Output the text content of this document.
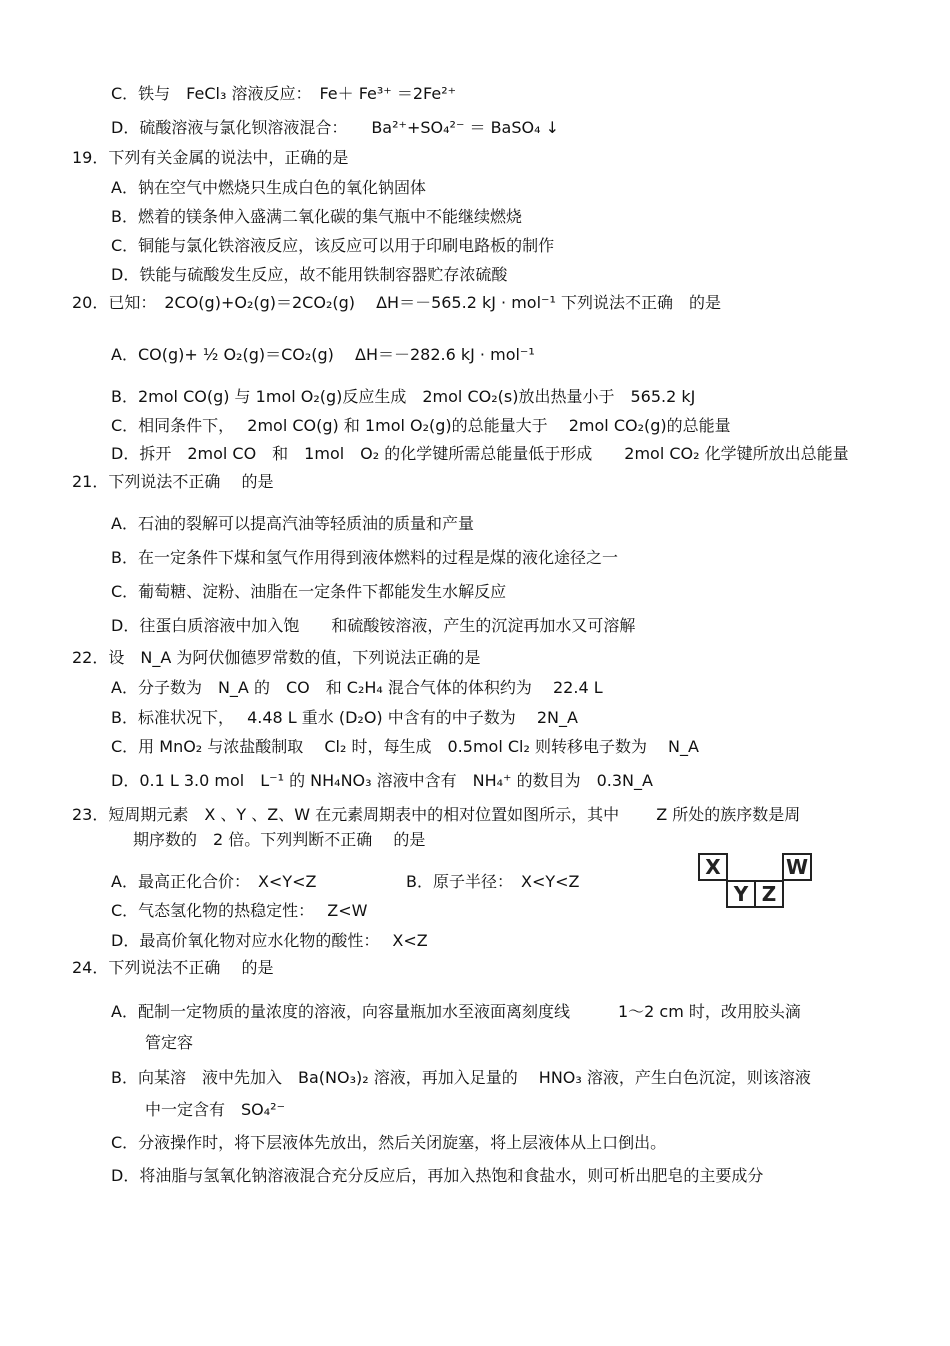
C．铁与　FeCl₃ 溶液反应：　Fe＋ Fe³⁺ ＝2Fe²⁺
D．硫酸溶液与氯化钡溶液混合：　　Ba²⁺+SO₄²⁻ ＝ BaSO₄ ↓
19．下列有关金属的说法中，正确的是
A．钠在空气中燃烧只生成白色的氧化钠固体
B．燃着的镁条伸入盛满二氧化碳的集气瓶中不能继续燃烧
C．铜能与氯化铁溶液反应，该反应可以用于印刷电路板的制作
D．铁能与硫酸发生反应，故不能用铁制容器贮存浓硫酸
20．已知：　2CO(g)+O₂(g)＝2CO₂(g)　 ΔH＝－565.2 kJ · mol⁻¹ 下列说法不正确　的是
A．CO(g)+ ½ O₂(g)＝CO₂(g)　 ΔH＝－282.6 kJ · mol⁻¹
B．2mol CO(g) 与 1mol O₂(g)反应生成　2mol CO₂(s)放出热量小于　565.2 kJ
C．相同条件下，　 2mol CO(g) 和 1mol O₂(g)的总能量大于　 2mol CO₂(g)的总能量
D．拆开　2mol CO　和　1mol　O₂ 的化学键所需总能量低于形成　　2mol CO₂ 化学键所放出总能量
21．下列说法不正确　 的是
A．石油的裂解可以提高汽油等轻质油的质量和产量
B．在一定条件下煤和氢气作用得到液体燃料的过程是煤的液化途径之一
C．葡萄糖、淀粉、油脂在一定条件下都能发生水解反应
D．往蛋白质溶液中加入饱　　和硫酸铵溶液，产生的沉淀再加水又可溶解
22．设　N_A 为阿伏伽德罗常数的值，下列说法正确的是
A．分子数为　N_A 的　CO　和 C₂H₄ 混合气体的体积约为　 22.4 L
B．标准状况下，　 4.48 L 重水 (D₂O) 中含有的中子数为　 2N_A
C．用 MnO₂ 与浓盐酸制取　 Cl₂ 时，每生成　0.5mol Cl₂ 则转移电子数为　 N_A
D．0.1 L 3.0 mol　L⁻¹ 的 NH₄NO₃ 溶液中含有　NH₄⁺ 的数目为　0.3N_A
23．短周期元素　X 、Y 、Z、W 在元素周期表中的相对位置如图所示，其中　　 Z 所处的族序数是周
期序数的　2 倍。下列判断不正确　 的是
A．最高正化合价：　X<Y<Z	B．原子半径：　X<Y<Z
C．气态氢化物的热稳定性：　 Z<W
D．最高价氧化物对应水化物的酸性：　 X<Z
X
Y Z
W
24．下列说法不正确　 的是
A．配制一定物质的量浓度的溶液，向容量瓶加水至液面离刻度线　　　1～2 cm 时，改用胶头滴
管定容
B．向某溶　液中先加入　Ba(NO₃)₂ 溶液，再加入足量的　 HNO₃ 溶液，产生白色沉淀，则该溶液
中一定含有　SO₄²⁻
C．分液操作时，将下层液体先放出，然后关闭旋塞，将上层液体从上口倒出。
D．将油脂与氢氧化钠溶液混合充分反应后，再加入热饱和食盐水，则可析出肥皂的主要成分
